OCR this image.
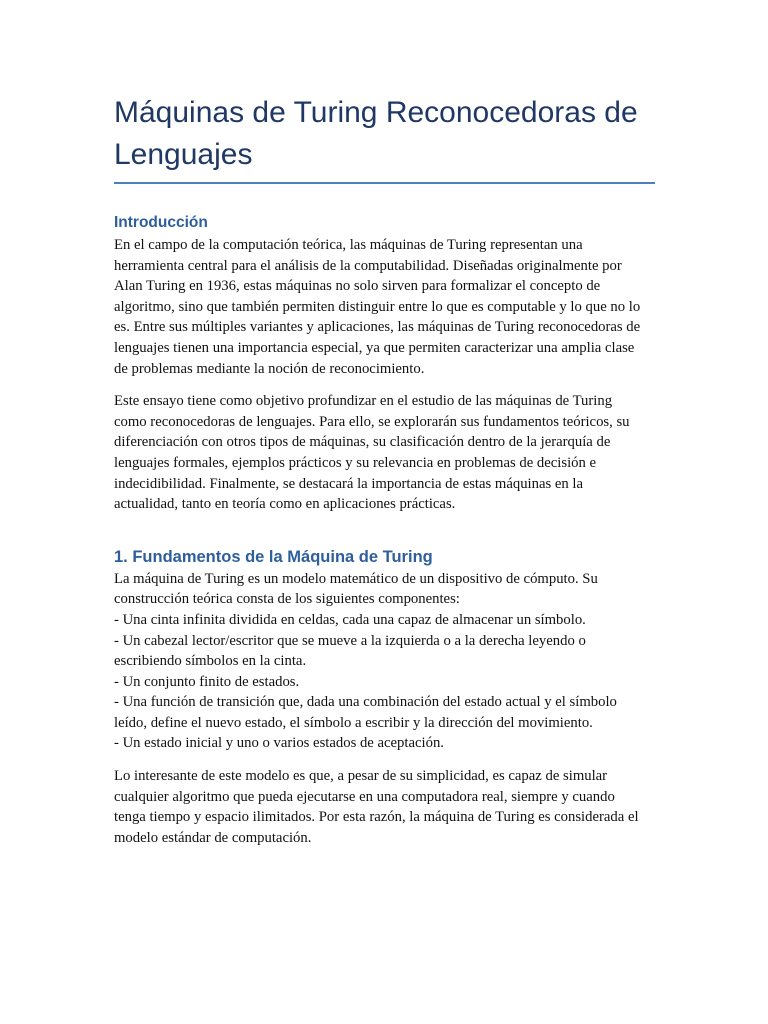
Máquinas de Turing Reconocedoras de
Lenguajes
Introducción

En el campo de la computación teórica, las máquinas de Turing representan una
herramienta central para el análisis de la computabilidad. Diseñadas originalmente por
Alan Turing en 1936, estas máquinas no solo sirven para formalizar el concepto de
algoritmo, sino que también permiten distinguir entre lo que es computable y lo que no lo
es. Entre sus múltiples variantes y aplicaciones, las máquinas de Turing reconocedoras de
lenguajes tienen una importancia especial, ya que permiten caracterizar una amplia clase
de problemas mediante la noción de reconocimiento.

Este ensayo tiene como objetivo profundizar en el estudio de las máquinas de Turing
como reconocedoras de lenguajes. Para ello, se explorarán sus fundamentos teóricos, su
diferenciación con otros tipos de máquinas, su clasificación dentro de la jerarquía de
lenguajes formales, ejemplos prácticos y su relevancia en problemas de decisión e
indecidibilidad. Finalmente, se destacará la importancia de estas máquinas en la
actualidad, tanto en teoría como en aplicaciones prácticas.

1. Fundamentos de la Máquina de Turing

La máquina de Turing es un modelo matemático de un dispositivo de cómputo. Su
construcción teórica consta de los siguientes componentes:
- Una cinta infinita dividida en celdas, cada una capaz de almacenar un símbolo.
- Un cabezal lector/escritor que se mueve a la izquierda o a la derecha leyendo o
escribiendo símbolos en la cinta.
- Un conjunto finito de estados.
- Una función de transición que, dada una combinación del estado actual y el símbolo
leído, define el nuevo estado, el símbolo a escribir y la dirección del movimiento.
- Un estado inicial y uno o varios estados de aceptación.

Lo interesante de este modelo es que, a pesar de su simplicidad, es capaz de simular
cualquier algoritmo que pueda ejecutarse en una computadora real, siempre y cuando
tenga tiempo y espacio ilimitados. Por esta razón, la máquina de Turing es considerada el
modelo estándar de computación.
